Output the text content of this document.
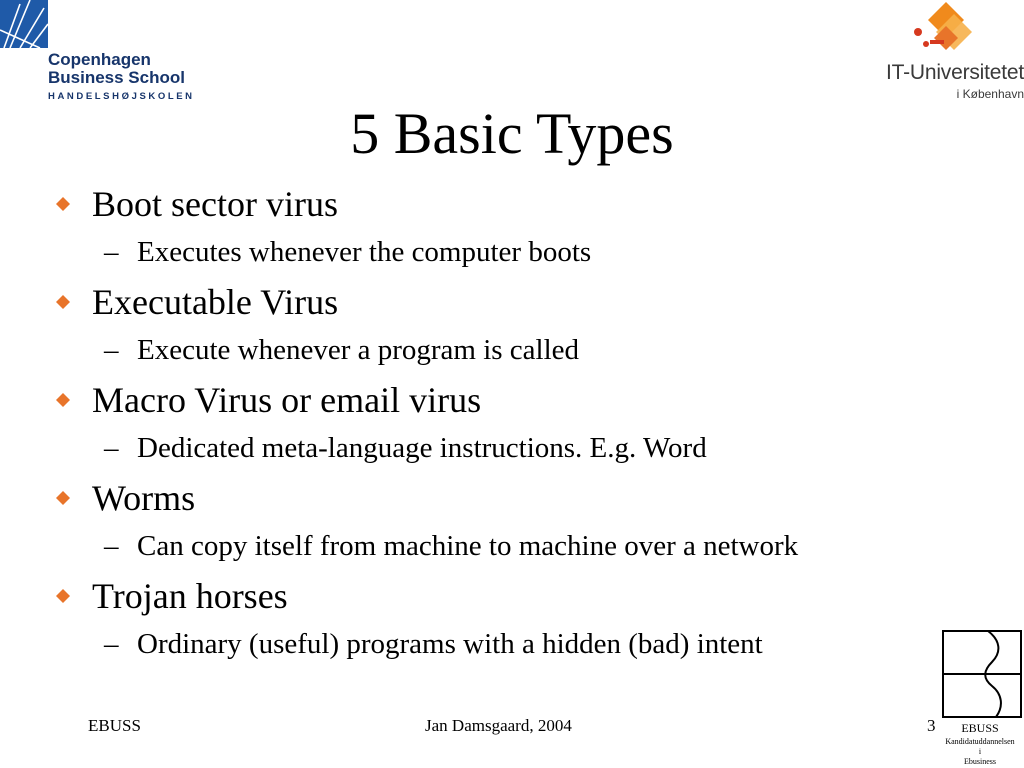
Copenhagen
Business School
HANDELSHØJSKOLEN
IT-Universitetet
i København
5 Basic Types
Boot sector virus
– Executes whenever the computer boots
Executable Virus
– Execute whenever a program is called
Macro Virus or email virus
– Dedicated meta-language instructions. E.g. Word
Worms
– Can copy itself from machine to machine over a network
Trojan horses
– Ordinary (useful) programs with a hidden (bad) intent
EBUSS	Jan Damsgaard, 2004	3	EBUSS
Kandidatuddannelsen
i
Ebusiness
